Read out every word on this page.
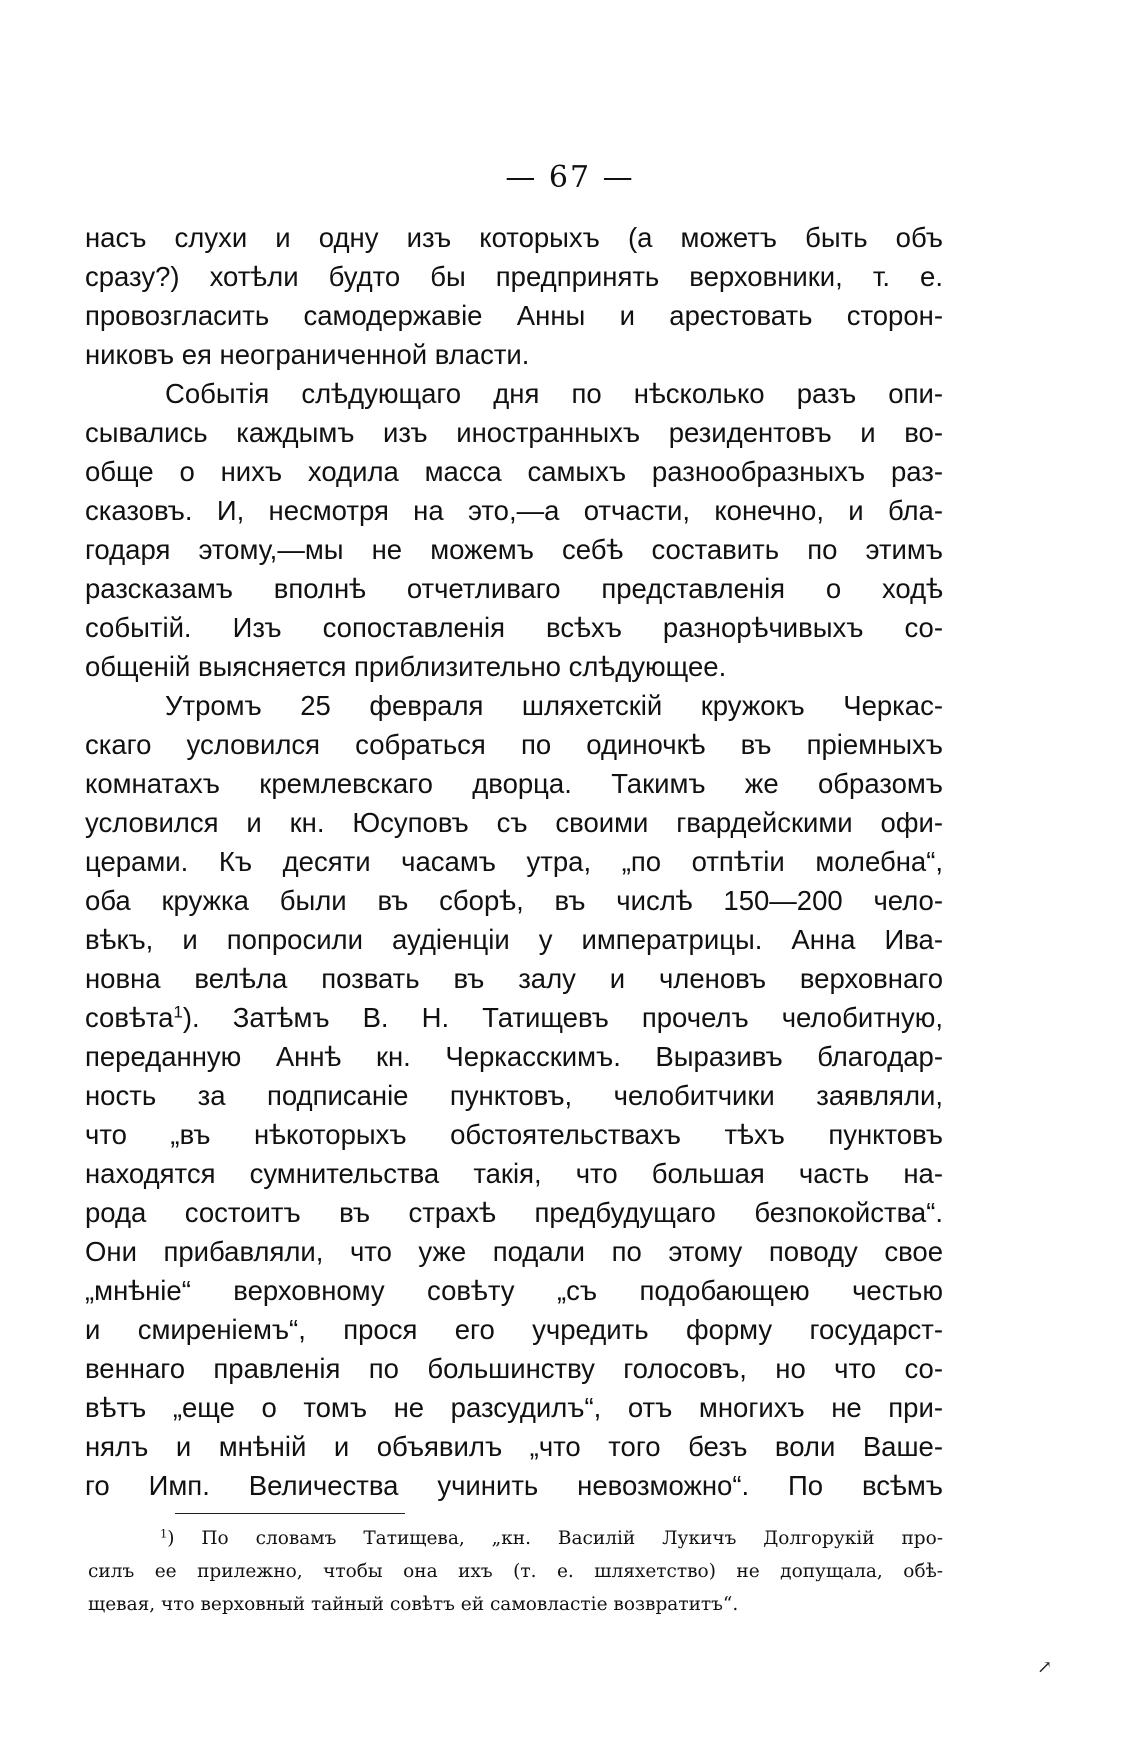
— 67 —
насъ слухи и одну изъ которыхъ (а можетъ быть объ
сразу?) хотѣли будто бы предпринять верховники, т. е.
провозгласить самодержавіе Анны и арестовать сторон-
никовъ ея неограниченной власти.
Событія слѣдующаго дня по нѣсколько разъ опи-
сывались каждымъ изъ иностранныхъ резидентовъ и во-
обще о нихъ ходила масса самыхъ разнообразныхъ раз-
сказовъ. И, несмотря на это,—а отчасти, конечно, и бла-
годаря этому,—мы не можемъ себѣ составить по этимъ
разсказамъ вполнѣ отчетливаго представленія о ходѣ
событій. Изъ сопоставленія всѣхъ разнорѣчивыхъ со-
общеній выясняется приблизительно слѣдующее.
Утромъ 25 февраля шляхетскій кружокъ Черкас-
скаго условился собраться по одиночкѣ въ пріемныхъ
комнатахъ кремлевскаго дворца. Такимъ же образомъ
условился и кн. Юсуповъ съ своими гвардейскими офи-
церами. Къ десяти часамъ утра, „по отпѣтіи молебна“,
оба кружка были въ сборѣ, въ числѣ 150—200 чело-
вѣкъ, и попросили аудіенціи у императрицы. Анна Ива-
новна велѣла позвать въ залу и членовъ верховнаго
совѣта$^1$). Затѣмъ В. Н. Татищевъ прочелъ челобитную,
переданную Аннѣ кн. Черкасскимъ. Выразивъ благодар-
ность за подписаніе пунктовъ, челобитчики заявляли,
что „въ нѣкоторыхъ обстоятельствахъ тѣхъ пунктовъ
находятся сумнительства такія, что большая часть на-
рода состоитъ въ страхѣ предбудущаго безпокойства“.
Они прибавляли, что уже подали по этому поводу свое
„мнѣніе“ верховному совѣту „съ подобающею честью
и смиреніемъ“, прося его учредить форму государст-
веннаго правленія по большинству голосовъ, но что со-
вѣтъ „еще о томъ не разсудилъ“, отъ многихъ не при-
нялъ и мнѣній и объявилъ „что того безъ воли Ваше-
го Имп. Величества учинить невозможно“. По всѣмъ
$^1$) По словамъ Татищева, „кн. Василій Лукичъ Долгорукій про-
силъ ее прилежно, чтобы она ихъ (т. е. шляхетство) не допущала, обѣ-
щевая, что верховный тайный совѣтъ ей самовластіе возвратитъ“.
↗
